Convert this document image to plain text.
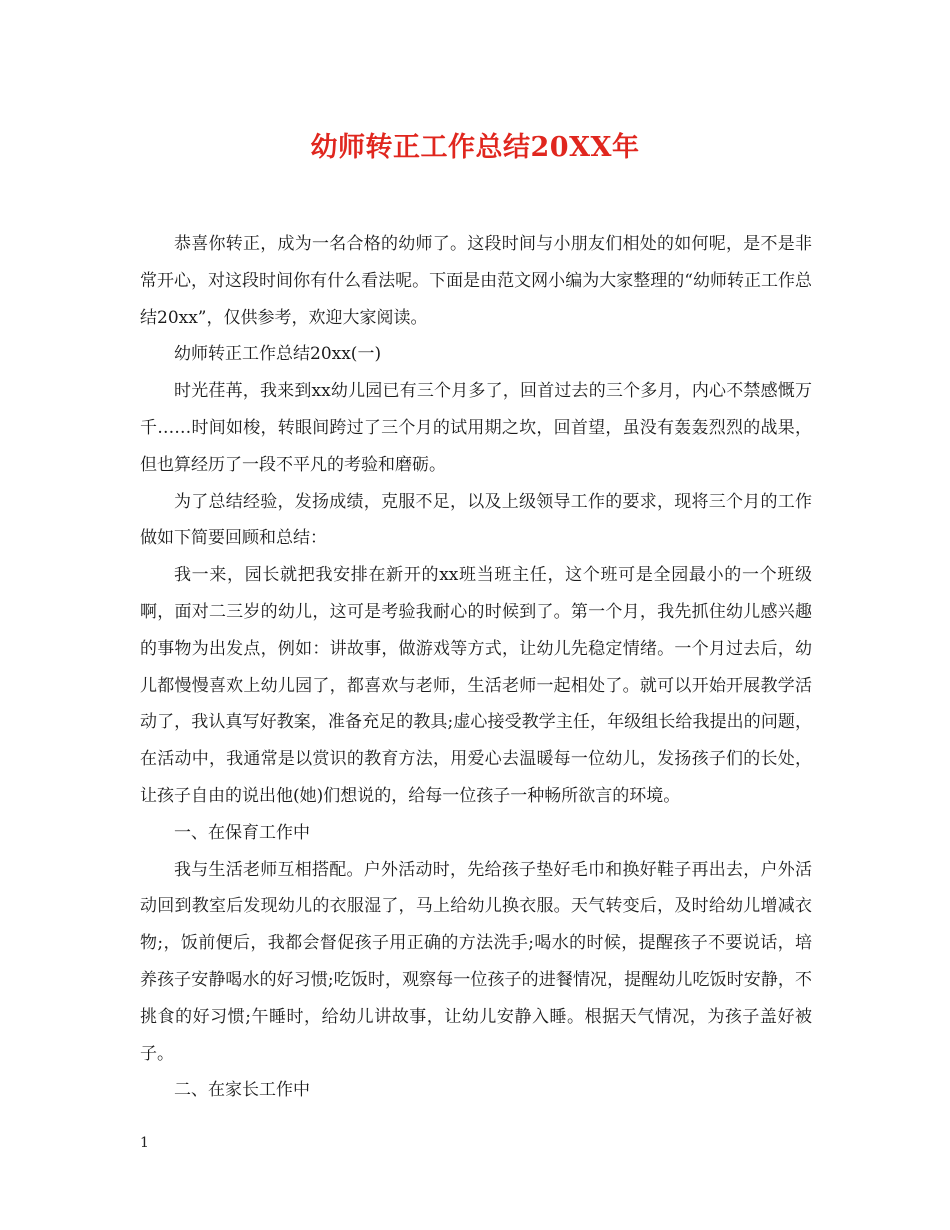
幼师转正工作总结20XX年

恭喜你转正，成为一名合格的幼师了。这段时间与小朋友们相处的如何呢，是不是非常开心，对这段时间你有什么看法呢。下面是由范文网小编为大家整理的“幼师转正工作总结20xx”，仅供参考，欢迎大家阅读。

幼师转正工作总结20xx(一)

时光荏苒，我来到xx幼儿园已有三个月多了，回首过去的三个多月，内心不禁感慨万千……时间如梭，转眼间跨过了三个月的试用期之坎，回首望，虽没有轰轰烈烈的战果，但也算经历了一段不平凡的考验和磨砺。

为了总结经验，发扬成绩，克服不足，以及上级领导工作的要求，现将三个月的工作做如下简要回顾和总结：

我一来，园长就把我安排在新开的xx班当班主任，这个班可是全园最小的一个班级啊，面对二三岁的幼儿，这可是考验我耐心的时候到了。第一个月，我先抓住幼儿感兴趣的事物为出发点，例如：讲故事，做游戏等方式，让幼儿先稳定情绪。一个月过去后，幼儿都慢慢喜欢上幼儿园了，都喜欢与老师，生活老师一起相处了。就可以开始开展教学活动了，我认真写好教案，准备充足的教具;虚心接受教学主任，年级组长给我提出的问题，在活动中，我通常是以赏识的教育方法，用爱心去温暖每一位幼儿，发扬孩子们的长处，让孩子自由的说出他(她)们想说的，给每一位孩子一种畅所欲言的环境。

一、在保育工作中

我与生活老师互相搭配。户外活动时，先给孩子垫好毛巾和换好鞋子再出去，户外活动回到教室后发现幼儿的衣服湿了，马上给幼儿换衣服。天气转变后，及时给幼儿增减衣物;，饭前便后，我都会督促孩子用正确的方法洗手;喝水的时候，提醒孩子不要说话，培养孩子安静喝水的好习惯;吃饭时，观察每一位孩子的进餐情况，提醒幼儿吃饭时安静，不挑食的好习惯;午睡时，给幼儿讲故事，让幼儿安静入睡。根据天气情况，为孩子盖好被子。

二、在家长工作中

1
